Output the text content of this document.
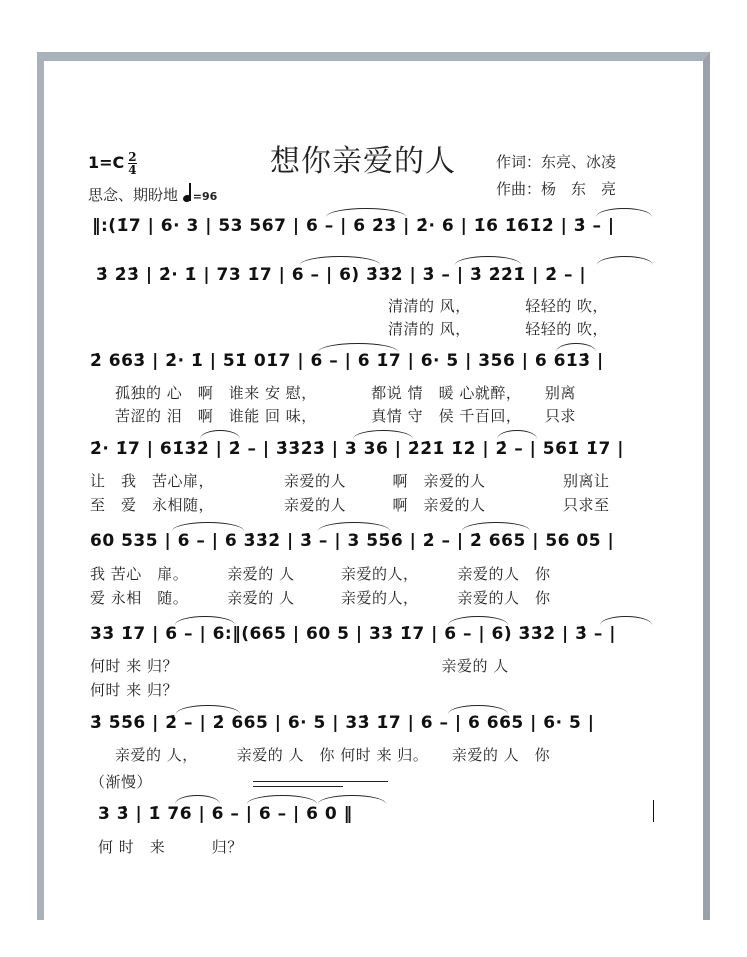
$1=C \frac{2}{4}$	想你亲爱的人	作词：东亮、冰凌
作曲：杨　东　亮
思念、期盼地 =96
‖:(1̇7 | 6· 3 | 53 567 | 6 – | 6 2̇3̇ | 2̇· 6 | 1̇6 1̇61̇2̇ | 3̇ – |
3̇ 2̇3̇ | 2̇· 1̇ | 73 1̇7 | 6 – | 6) 3̇3̇2̇ | 3̇ – | 3̇ 2̇2̇1̇ | 2̇ – |
清清的 风，　　　　轻轻的 吹，
清清的 风，　　　　轻轻的 吹，
2̇ 663̇ | 2̇· 1̇ | 51̇ 01̇7 | 6 – | 6 1̇7 | 6· 5 | 356 | 6 61̇3̇ |
孤独的 心　啊　谁来 安 慰，　　　　都说 情　暖 心就醉，　　别离
苦涩的 泪　啊　谁能 回 味，　　　　真情 守　侯 千百回，　　只求
2̇· 1̇7 | 61̇3̇2̇ | 2̇ – | 3̇3̇2̇3̇ | 3 36 | 2̇2̇1̇ 1̇2̇ | 2̇ – | 561̇ 1̇7 |
让　我　苦心扉，　　　　　亲爱的人　　　啊　亲爱的人　　　　　别离让
至　爱　永相随，　　　　　亲爱的人　　　啊　亲爱的人　　　　　只求至
60 535 | 6 – | 6 3̇3̇2̇ | 3̇ – | 3 5̇5̇6̇ | 2̇ – | 2̇ 665 | 56 05 |
我 苦心　扉。　　　亲爱的 人　　　亲爱的人，　　　亲爱的人　你
爱 永相　随。　　　亲爱的 人　　　亲爱的人，　　　亲爱的人　你
33̇ 1̇7 | 6 – | 6:‖(665 | 60 5 | 33̇ 1̇7 | 6 – | 6) 3̇3̇2̇ | 3̇ – |
何时 来 归？　　　　　　　　　　　　　　　　　亲爱的 人
何时 来 归？
3̇ 5̇5̇6̇ | 2̇ – | 2̇ 665 | 6· 5 | 33̇ 1̇7 | 6 – | 6 665 | 6· 5 |
亲爱的 人，　　　亲爱的 人　你 何时 来 归。　　亲爱的 人　你
（渐慢）
3 3̇ | 1̇ 76 | 6 – | 6 – | 6 0 ‖
何 时　来　　　归？
